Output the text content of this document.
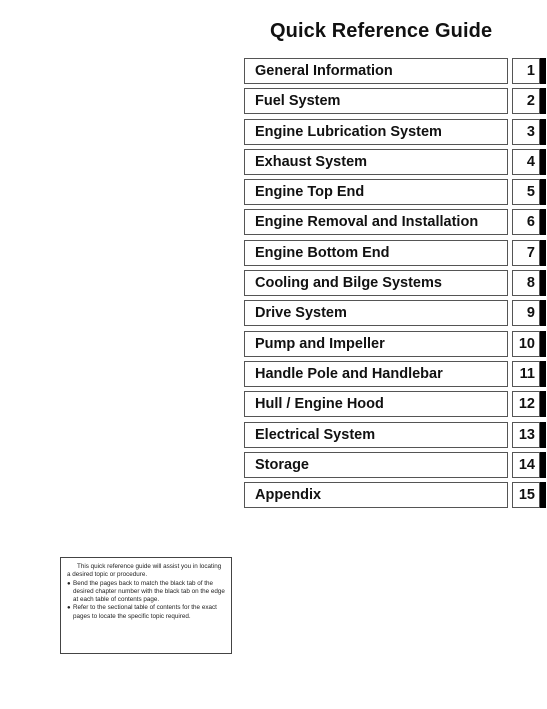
Quick Reference Guide
General Information	1
Fuel System	2
Engine Lubrication System	3
Exhaust System	4
Engine Top End	5
Engine Removal and Installation	6
Engine Bottom End	7
Cooling and Bilge Systems	8
Drive System	9
Pump and Impeller	10
Handle Pole and Handlebar	11
Hull / Engine Hood	12
Electrical System	13
Storage	14
Appendix	15
This quick reference guide will assist you in locating a desired topic or procedure.
● Bend the pages back to match the black tab of the desired chapter number with the black tab on the edge at each table of contents page.
● Refer to the sectional table of contents for the exact pages to locate the specific topic required.
